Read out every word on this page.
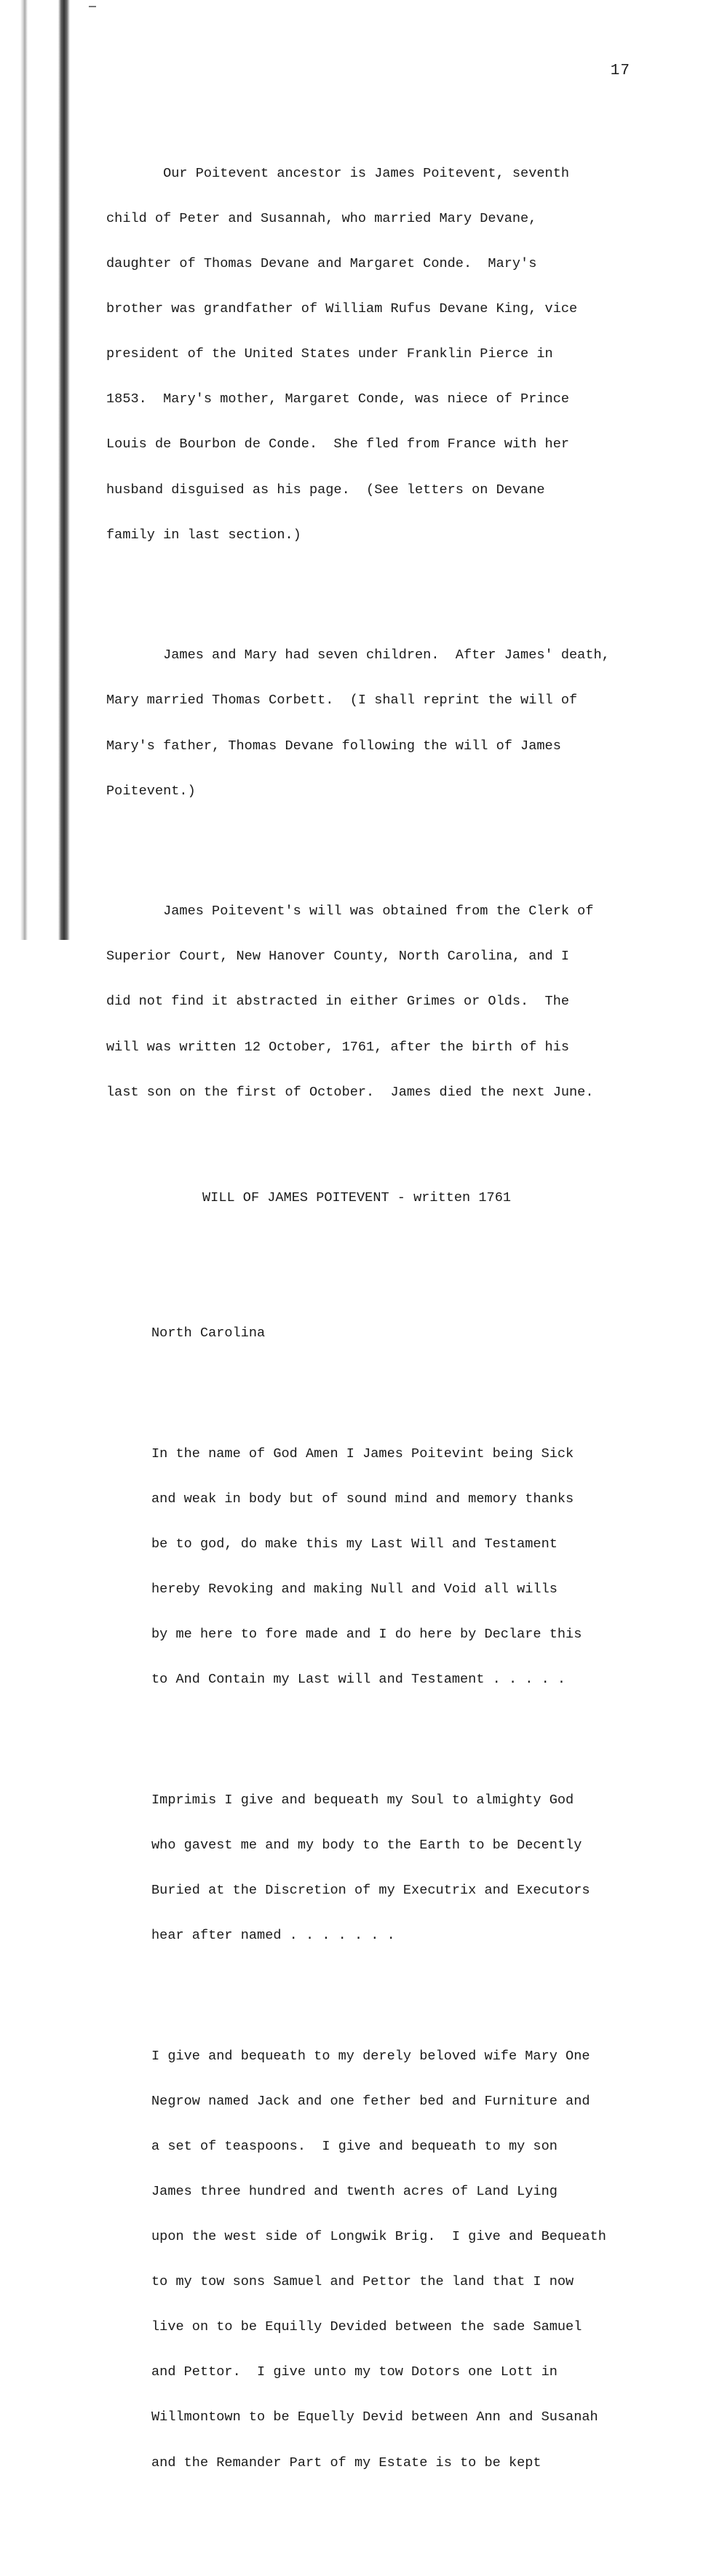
17

Our Poitevent ancestor is James Poitevent, seventh

child of Peter and Susannah, who married Mary Devane,

daughter of Thomas Devane and Margaret Conde.  Mary's

brother was grandfather of William Rufus Devane King, vice

president of the United States under Franklin Pierce in

1853.  Mary's mother, Margaret Conde, was niece of Prince

Louis de Bourbon de Conde.  She fled from France with her

husband disguised as his page.  (See letters on Devane

family in last section.)

James and Mary had seven children.  After James' death,

Mary married Thomas Corbett.  (I shall reprint the will of

Mary's father, Thomas Devane following the will of James

Poitevent.)

James Poitevent's will was obtained from the Clerk of

Superior Court, New Hanover County, North Carolina, and I

did not find it abstracted in either Grimes or Olds.  The

will was written 12 October, 1761, after the birth of his

last son on the first of October.  James died the next June.

WILL OF JAMES POITEVENT - written 1761

North Carolina

In the name of God Amen I James Poitevint being Sick

and weak in body but of sound mind and memory thanks

be to god, do make this my Last Will and Testament

hereby Revoking and making Null and Void all wills

by me here to fore made and I do here by Declare this

to And Contain my Last will and Testament . . . . .

Imprimis I give and bequeath my Soul to almighty God

who gavest me and my body to the Earth to be Decently

Buried at the Discretion of my Executrix and Executors

hear after named . . . . . . .

I give and bequeath to my derely beloved wife Mary One

Negrow named Jack and one fether bed and Furniture and

a set of teaspoons.  I give and bequeath to my son

James three hundred and twenth acres of Land Lying

upon the west side of Longwik Brig.  I give and Bequeath

to my tow sons Samuel and Pettor the land that I now

live on to be Equilly Devided between the sade Samuel

and Pettor.  I give unto my tow Dotors one Lott in

Willmontown to be Equelly Devid between Ann and Susanah

and the Remander Part of my Estate is to be kept
